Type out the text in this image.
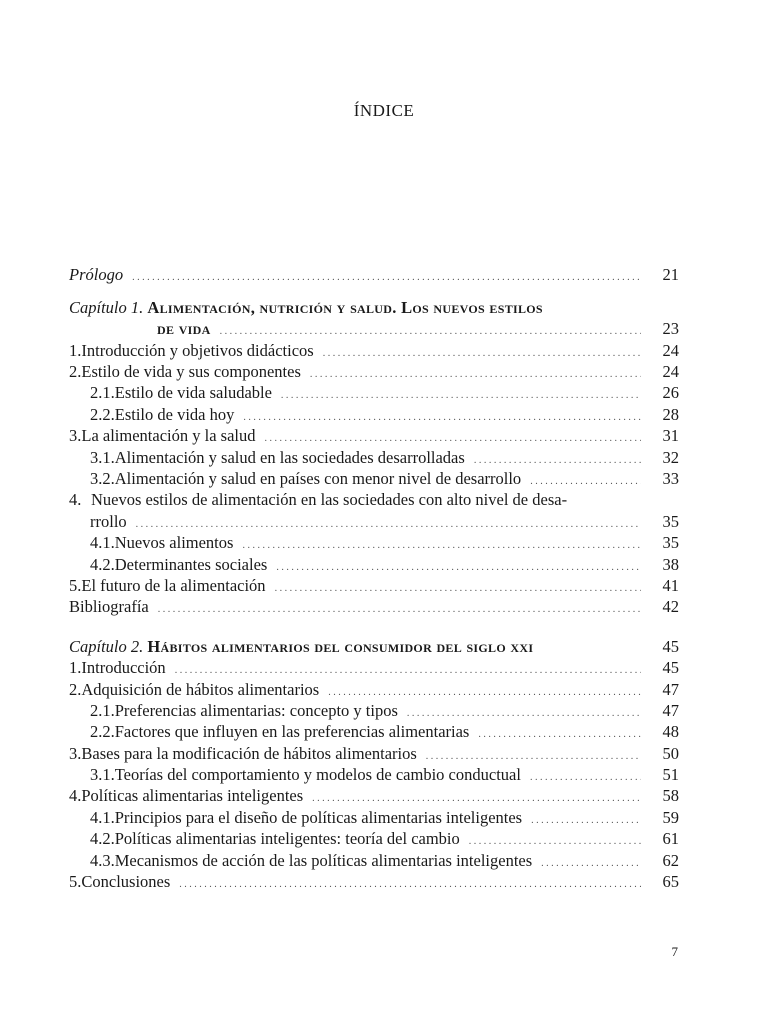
ÍNDICE
Prólogo . . .	21
Capítulo 1. Alimentación, nutrición y salud. Los nuevos estilos
de vida . . .	23
1. Introducción y objetivos didácticos . . .	24
2. Estilo de vida y sus componentes . . .	24
2.1. Estilo de vida saludable . . .	26
2.2. Estilo de vida hoy . . .	28
3. La alimentación y la salud . . .	31
3.1. Alimentación y salud en las sociedades desarrolladas . . .	32
3.2. Alimentación y salud en países con menor nivel de desarrollo . . .	33
4. Nuevos estilos de alimentación en las sociedades con alto nivel de desa-
rrollo . . .	35
4.1. Nuevos alimentos . . .	35
4.2. Determinantes sociales . . .	38
5. El futuro de la alimentación . . .	41
Bibliografía . . .	42
Capítulo 2. Hábitos alimentarios del consumidor del siglo xxi	45
1. Introducción . . .	45
2. Adquisición de hábitos alimentarios . . .	47
2.1. Preferencias alimentarias: concepto y tipos . . .	47
2.2. Factores que influyen en las preferencias alimentarias . . .	48
3. Bases para la modificación de hábitos alimentarios . . .	50
3.1. Teorías del comportamiento y modelos de cambio conductual . . .	51
4. Políticas alimentarias inteligentes . . .	58
4.1. Principios para el diseño de políticas alimentarias inteligentes . . .	59
4.2. Políticas alimentarias inteligentes: teoría del cambio . . .	61
4.3. Mecanismos de acción de las políticas alimentarias inteligentes . . .	62
5. Conclusiones . . .	65
7
